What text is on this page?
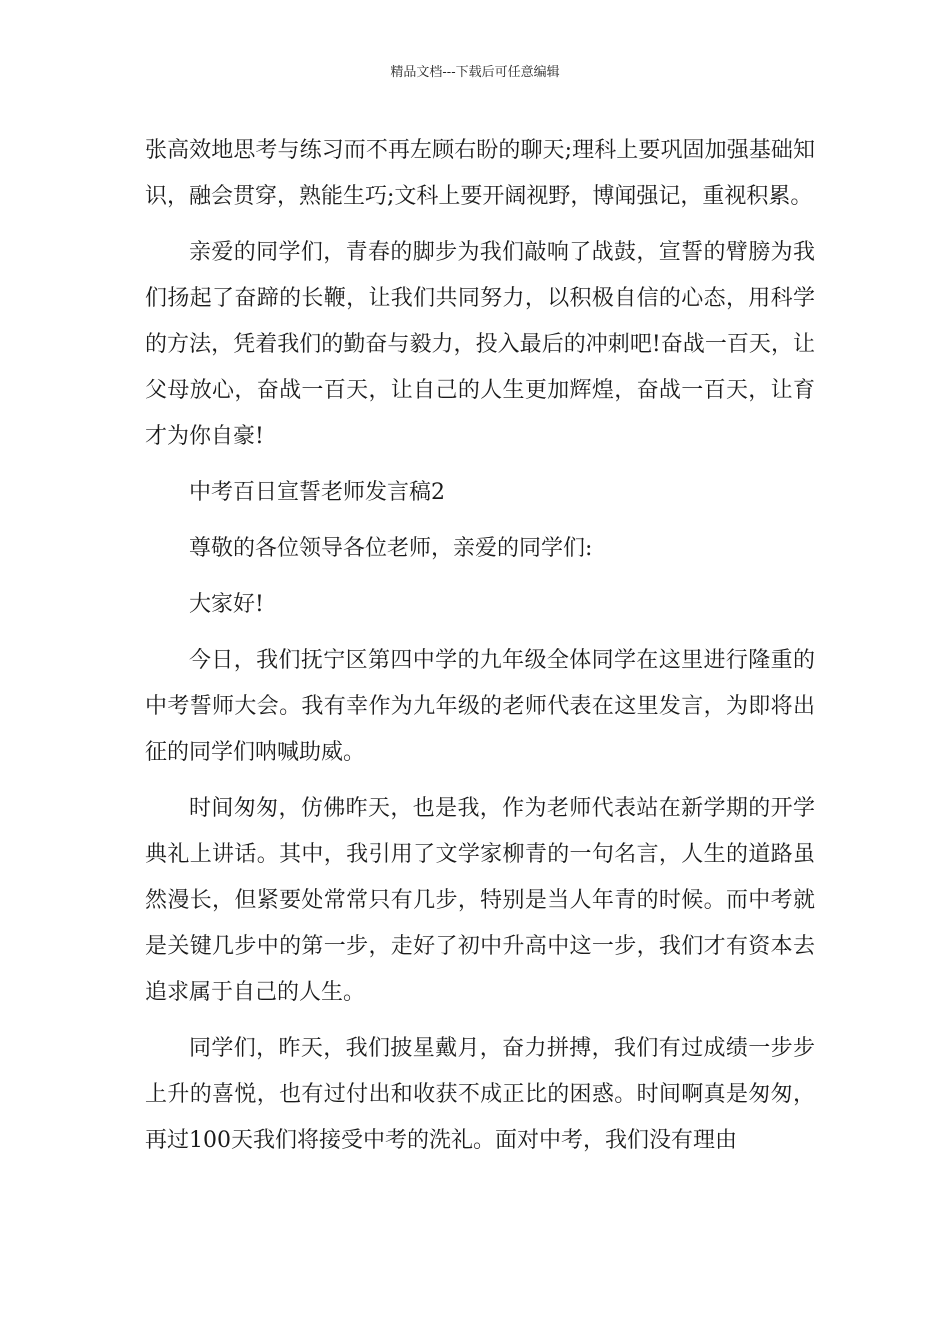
精品文档---下载后可任意编辑

张高效地思考与练习而不再左顾右盼的聊天;理科上要巩固加强基础知识，融会贯穿，熟能生巧;文科上要开阔视野，博闻强记，重视积累。

亲爱的同学们，青春的脚步为我们敲响了战鼓，宣誓的臂膀为我们扬起了奋蹄的长鞭，让我们共同努力，以积极自信的心态，用科学的方法，凭着我们的勤奋与毅力，投入最后的冲刺吧!奋战一百天，让父母放心，奋战一百天，让自己的人生更加辉煌，奋战一百天，让育才为你自豪!

中考百日宣誓老师发言稿2

尊敬的各位领导各位老师，亲爱的同学们:

大家好!

今日，我们抚宁区第四中学的九年级全体同学在这里进行隆重的中考誓师大会。我有幸作为九年级的老师代表在这里发言，为即将出征的同学们呐喊助威。

时间匆匆，仿佛昨天，也是我，作为老师代表站在新学期的开学典礼上讲话。其中，我引用了文学家柳青的一句名言，人生的道路虽然漫长，但紧要处常常只有几步，特别是当人年青的时候。而中考就是关键几步中的第一步，走好了初中升高中这一步，我们才有资本去追求属于自己的人生。

同学们，昨天，我们披星戴月，奋力拼搏，我们有过成绩一步步上升的喜悦，也有过付出和收获不成正比的困惑。时间啊真是匆匆，再过100天我们将接受中考的洗礼。面对中考，我们没有理由
